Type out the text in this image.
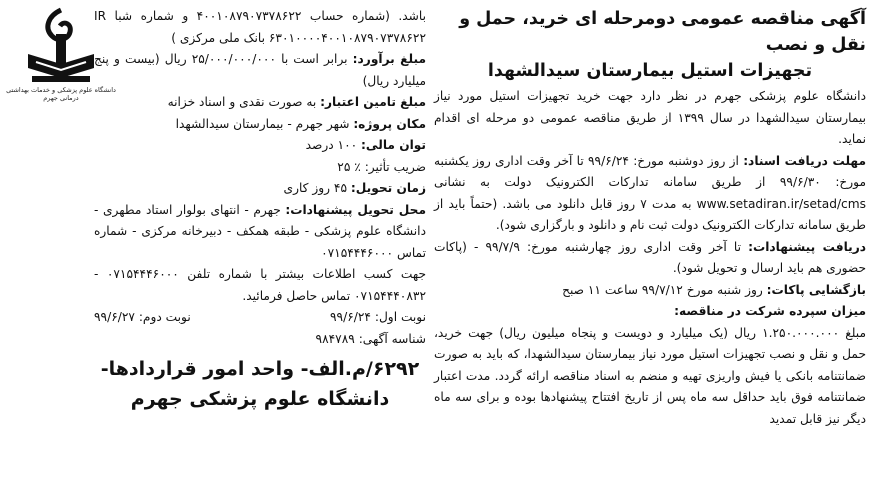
آگهی مناقصه عمومی دومرحله ای خرید، حمل و نقل و نصب
تجهیزات استیل بیمارستان سیدالشهدا

دانشگاه علوم پزشکی جهرم در نظر دارد جهت خرید تجهیزات استیل مورد نیاز بیمارستان سیدالشهدا در سال ۱۳۹۹ از طریق مناقصه عمومی دو مرحله ای اقدام نماید.

مهلت دریافت اسناد: از روز دوشنبه مورخ: ۹۹/۶/۲۴ تا آخر وقت اداری روز یکشنبه مورخ: ۹۹/۶/۳۰ از طریق سامانه تدارکات الکترونیک دولت به نشانی www.setadiran.ir/setad/cms به مدت ۷ روز قابل دانلود می باشد. (حتماً باید از طریق سامانه تدارکات الکترونیک دولت ثبت نام و دانلود و بارگزاری شود).

دریافت پیشنهادات: تا آخر وقت اداری روز چهارشنبه مورخ: ۹۹/۷/۹ - (پاکات حضوری هم باید ارسال و تحویل شود).

بازگشایی پاکات: روز شنبه مورخ ۹۹/۷/۱۲ ساعت ۱۱ صبح

میزان سپرده شرکت در مناقصه:

مبلغ ۱.۲۵۰.۰۰۰.۰۰۰ ریال (یک میلیارد و دویست و پنجاه میلیون ریال) جهت خرید، حمل و نقل و نصب تجهیزات استیل مورد نیاز بیمارستان سیدالشهدا، که باید به صورت ضمانتنامه بانکی یا فیش واریزی تهیه و منضم به اسناد مناقصه ارائه گردد. مدت اعتبار ضمانتنامه فوق باید حداقل سه ماه پس از تاریخ افتتاح پیشنهادها بوده و برای سه ماه دیگر نیز قابل تمدید

باشد. (شماره حساب ۴۰۰۱۰۸۷۹۰۷۳۷۸۶۲۲ و شماره شبا IR ۶۳۰۱۰۰۰۰۴۰۰۱۰۸۷۹۰۷۳۷۸۶۲۲ بانک ملی مرکزی )

مبلغ برآورد: برابر است با ۲۵/۰۰۰/۰۰۰/۰۰۰ ریال (بیست و پنج میلیارد ریال)

مبلغ تامین اعتبار: به صورت نقدی و اسناد خزانه

مکان پروژه: شهر جهرم - بیمارستان سیدالشهدا

توان مالی: ۱۰۰ درصد

ضریب تأثیر: ٪ ۲۵

زمان تحویل: ۴۵ روز کاری

محل تحویل پیشنهادات: جهرم - انتهای بولوار استاد مطهری - دانشگاه علوم پزشکی - طبقه همکف - دبیرخانه مرکزی - شماره تماس ۰۷۱۵۴۴۴۶۰۰۰

جهت کسب اطلاعات بیشتر با شماره تلفن ۰۷۱۵۴۴۴۶۰۰۰ - ۰۷۱۵۴۴۴۰۸۳۲ تماس حاصل فرمائید.

نوبت اول: ۹۹/۶/۲۴
نوبت دوم: ۹۹/۶/۲۷

شناسه آگهی: ۹۸۴۷۸۹

۶۲۹۲/م.الف- واحد امور قراردادها- دانشگاه علوم پزشکی جهرم
دانشگاه علوم پزشکی و خدمات بهداشتی درمانی جهرم
